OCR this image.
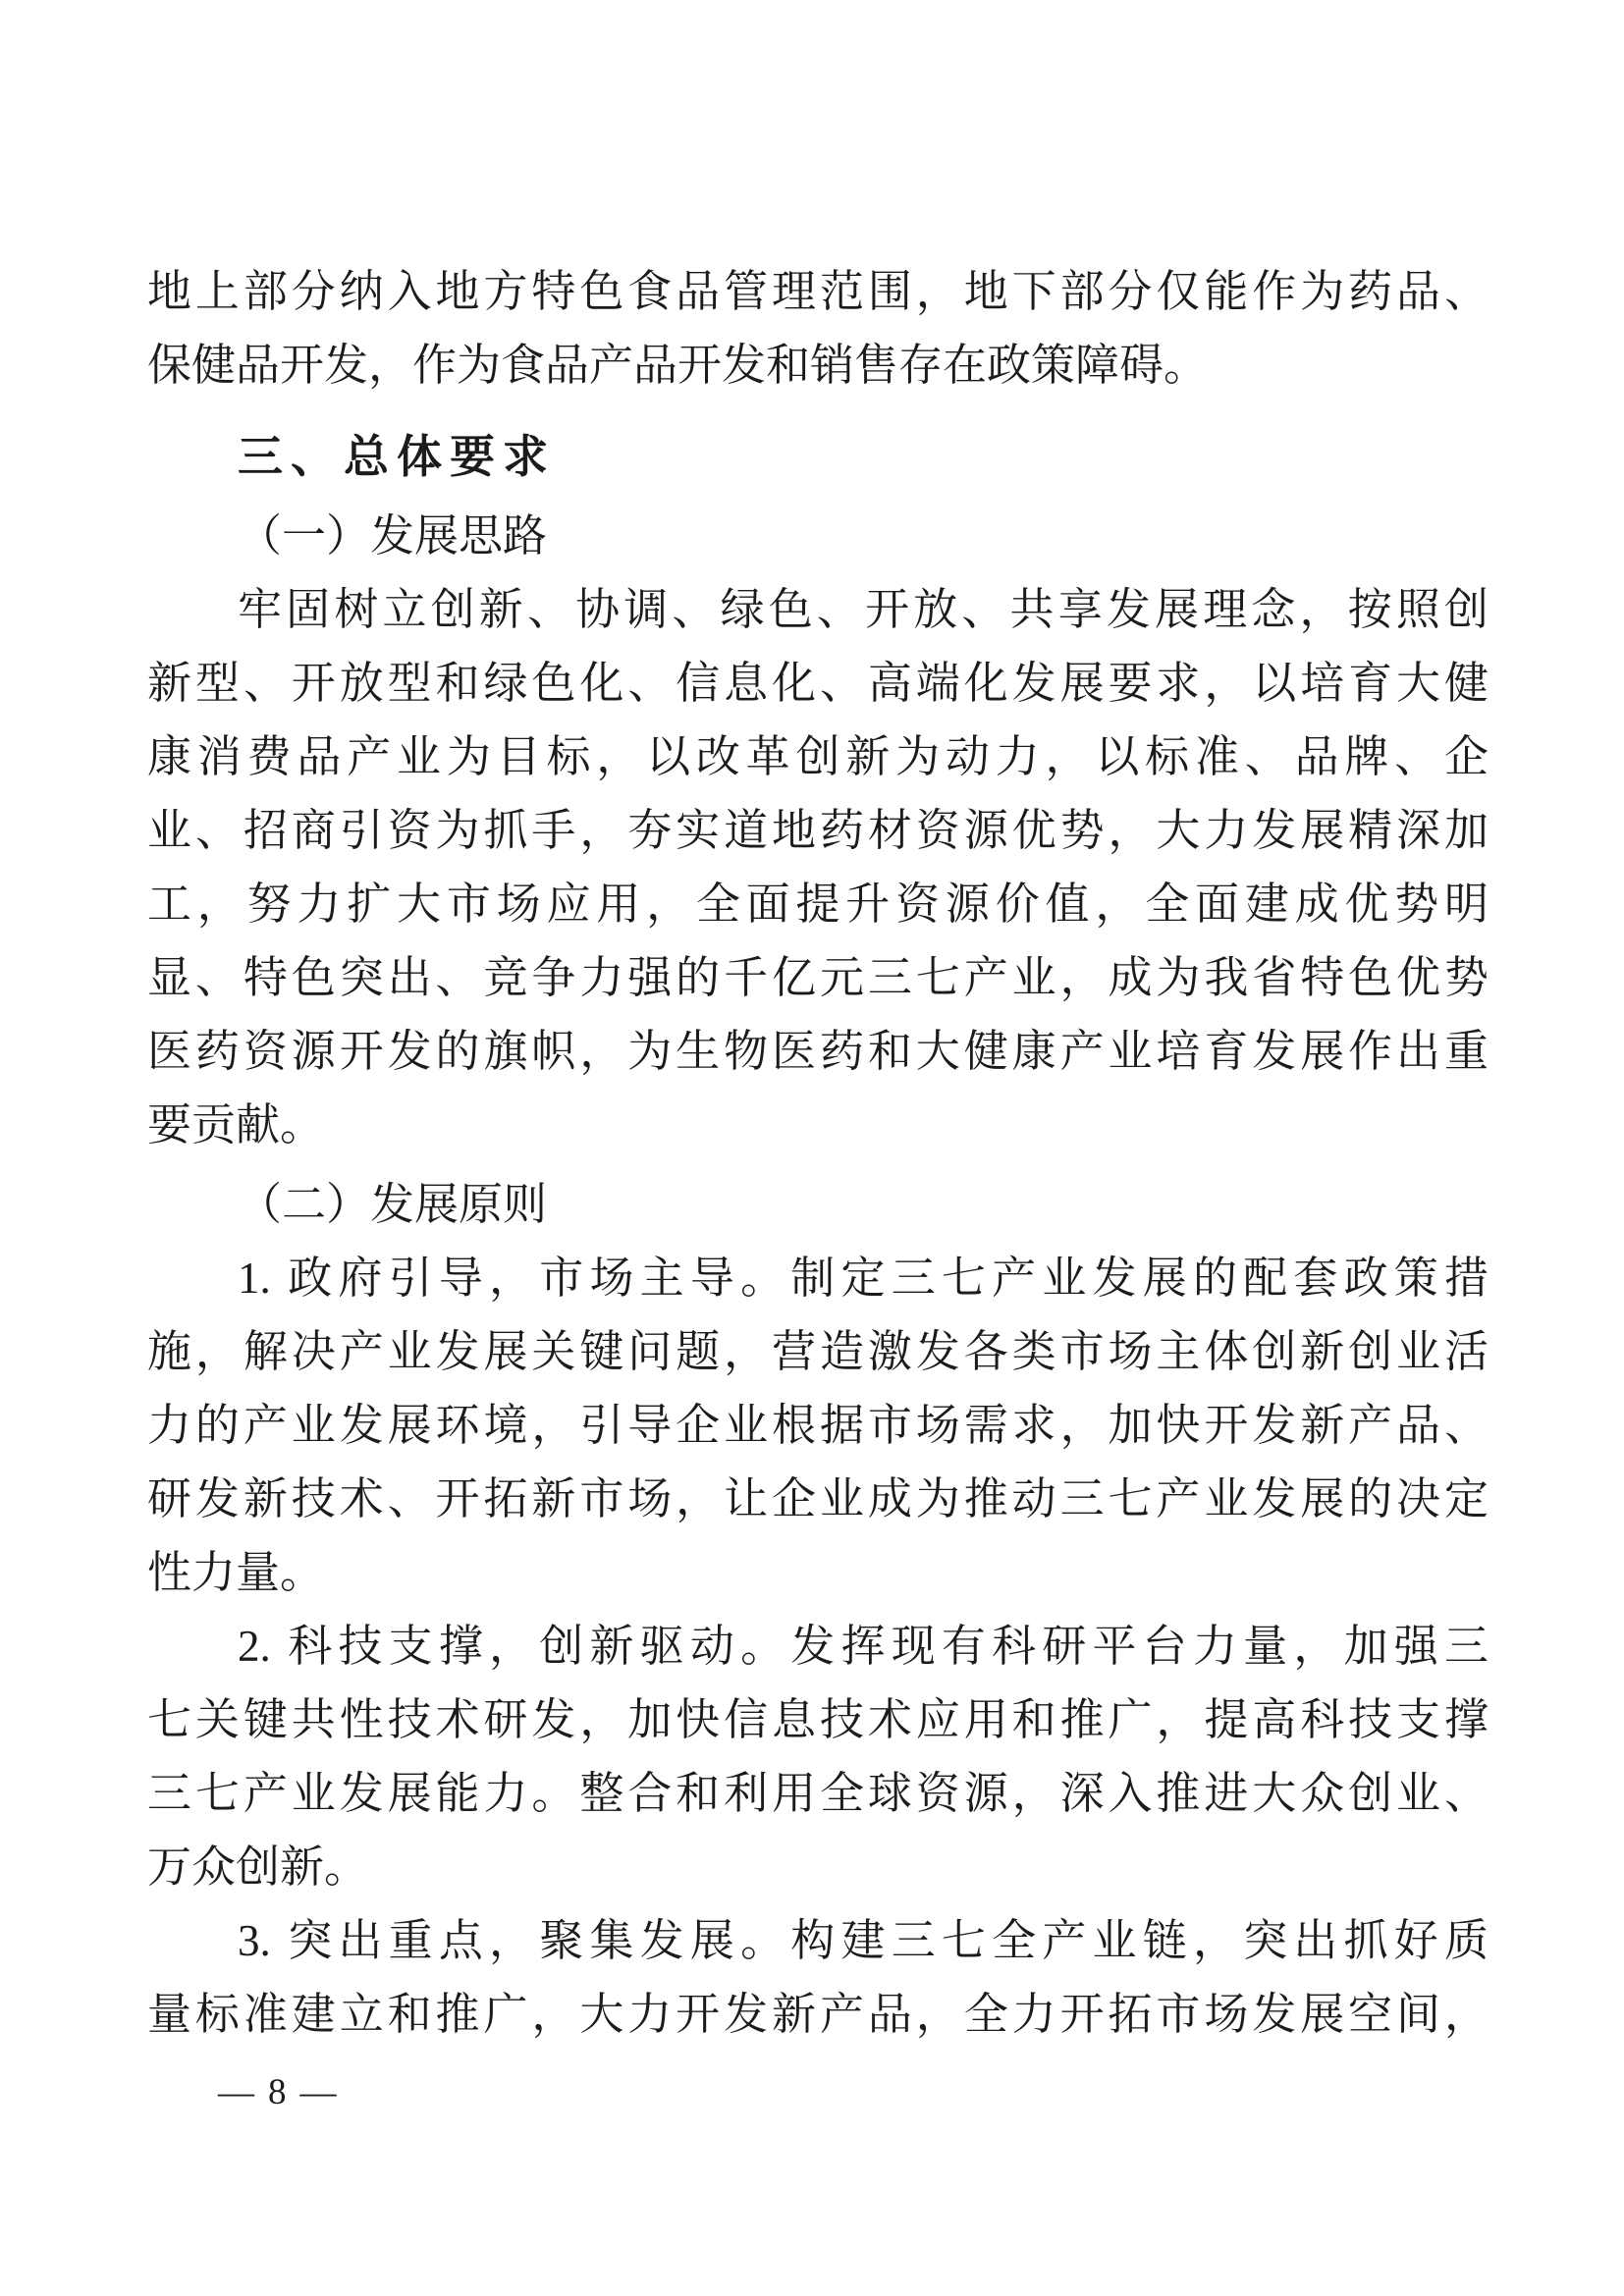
地上部分纳入地方特色食品管理范围，地下部分仅能作为药品、
保健品开发，作为食品产品开发和销售存在政策障碍。
三、总体要求
（一）发展思路
牢固树立创新、协调、绿色、开放、共享发展理念，按照创
新型、开放型和绿色化、信息化、高端化发展要求，以培育大健
康消费品产业为目标，以改革创新为动力，以标准、品牌、企
业、招商引资为抓手，夯实道地药材资源优势，大力发展精深加
工，努力扩大市场应用，全面提升资源价值，全面建成优势明
显、特色突出、竞争力强的千亿元三七产业，成为我省特色优势
医药资源开发的旗帜，为生物医药和大健康产业培育发展作出重
要贡献。
（二）发展原则
1. 政府引导，市场主导。制定三七产业发展的配套政策措
施，解决产业发展关键问题，营造激发各类市场主体创新创业活
力的产业发展环境，引导企业根据市场需求，加快开发新产品、
研发新技术、开拓新市场，让企业成为推动三七产业发展的决定
性力量。
2. 科技支撑，创新驱动。发挥现有科研平台力量，加强三
七关键共性技术研发，加快信息技术应用和推广，提高科技支撑
三七产业发展能力。整合和利用全球资源，深入推进大众创业、
万众创新。
3. 突出重点，聚集发展。构建三七全产业链，突出抓好质
量标准建立和推广，大力开发新产品，全力开拓市场发展空间，
— 8 —
